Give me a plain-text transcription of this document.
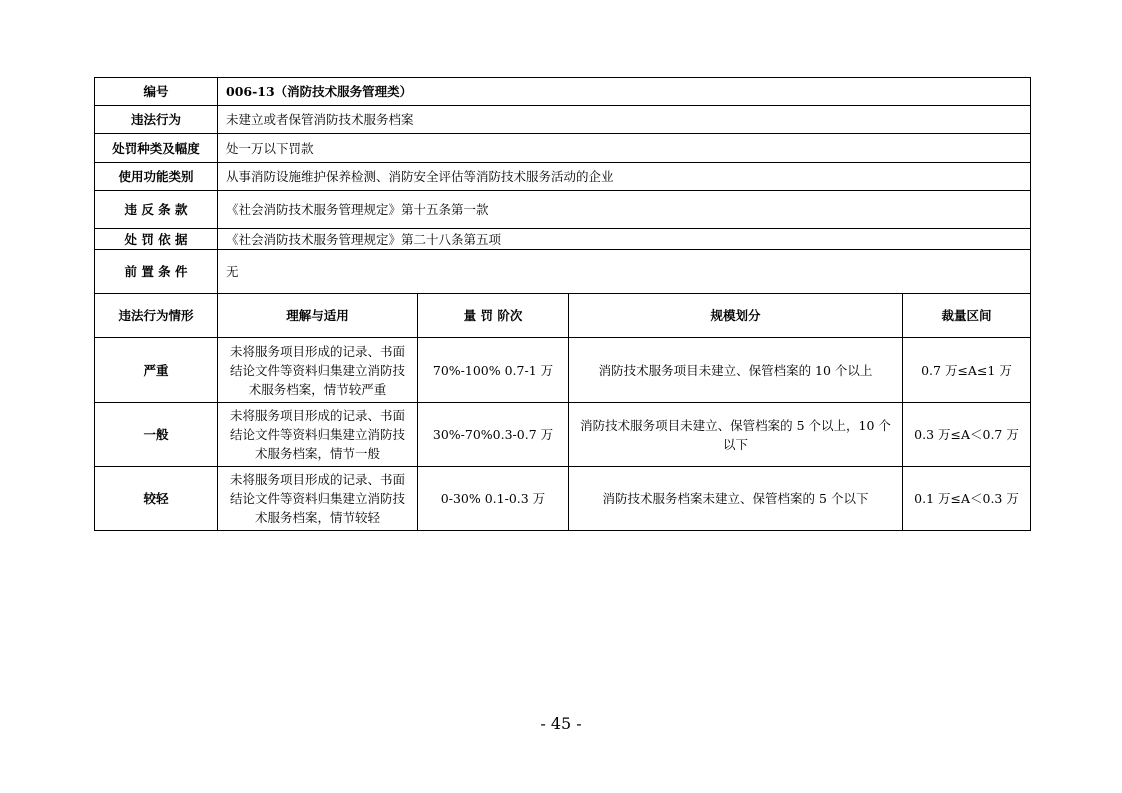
编号	006-13（消防技术服务管理类）			
违法行为	未建立或者保管消防技术服务档案			
处罚种类及幅度	处一万以下罚款			
使用功能类别	从事消防设施维护保养检测、消防安全评估等消防技术服务活动的企业			
违 反 条 款	《社会消防技术服务管理规定》第十五条第一款			
处 罚 依 据	《社会消防技术服务管理规定》第二十八条第五项			
前 置 条 件	无			
违法行为情形	理解与适用	量 罚 阶次	规模划分	裁量区间
严重	未将服务项目形成的记录、书面结论文件等资料归集建立消防技术服务档案，情节较严重	70%-100% 0.7-1 万	消防技术服务项目未建立、保管档案的 10 个以上	0.7 万≤A≤1 万
一般	未将服务项目形成的记录、书面结论文件等资料归集建立消防技术服务档案，情节一般	30%-70%0.3-0.7 万	消防技术服务项目未建立、保管档案的 5 个以上，10 个以下	0.3 万≤A＜0.7 万
较轻	未将服务项目形成的记录、书面结论文件等资料归集建立消防技术服务档案，情节较轻	0-30% 0.1-0.3 万	消防技术服务档案未建立、保管档案的 5 个以下	0.1 万≤A＜0.3 万
- 45 -
